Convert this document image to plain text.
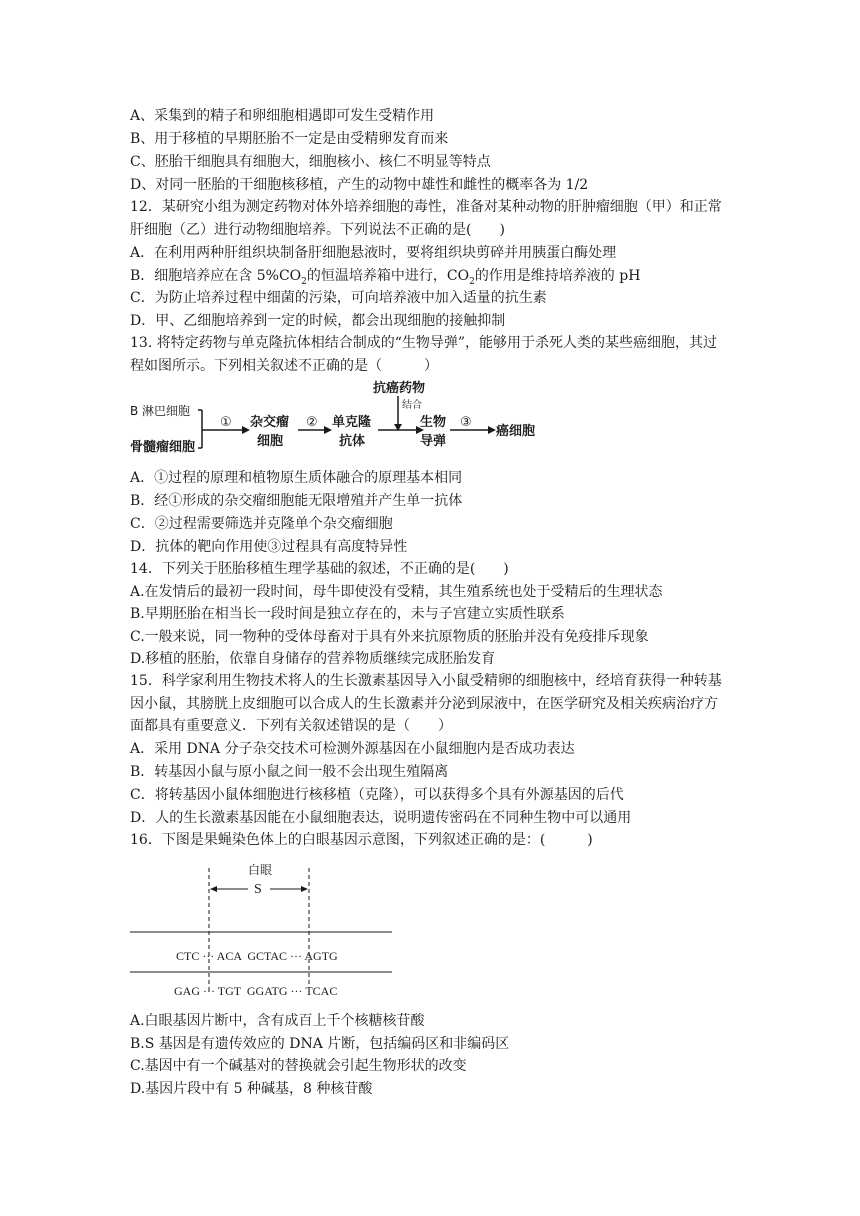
A、采集到的精子和卵细胞相遇即可发生受精作用
B、用于移植的早期胚胎不一定是由受精卵发育而来
C、胚胎干细胞具有细胞大，细胞核小、核仁不明显等特点
D、对同一胚胎的干细胞核移植，产生的动物中雄性和雌性的概率各为 1/2
12．某研究小组为测定药物对体外培养细胞的毒性，准备对某种动物的肝肿瘤细胞（甲）和正常肝细胞（乙）进行动物细胞培养。下列说法不正确的是(　　)
A．在利用两种肝组织块制备肝细胞悬液时，要将组织块剪碎并用胰蛋白酶处理
B．细胞培养应在含 $5\%CO_2$的恒温培养箱中进行，$CO_2$的作用是维持培养液的 pH
C．为防止培养过程中细菌的污染，可向培养液中加入适量的抗生素
D．甲、乙细胞培养到一定的时候，都会出现细胞的接触抑制
13. 将特定药物与单克隆抗体相结合制成的“生物导弹”，能够用于杀死人类的某些癌细胞，其过程如图所示。下列相关叙述不正确的是（　　　）
B 淋巴细胞
骨髓瘤细胞
① 杂交瘤
细胞
② 单克隆
抗体
抗癌药物
结合
生物
导弹
③
癌细胞
A．①过程的原理和植物原生质体融合的原理基本相同
B．经①形成的杂交瘤细胞能无限增殖并产生单一抗体
C．②过程需要筛选并克隆单个杂交瘤细胞
D．抗体的靶向作用使③过程具有高度特异性
14．下列关于胚胎移植生理学基础的叙述，不正确的是(　　)
A.在发情后的最初一段时间，母牛即使没有受精，其生殖系统也处于受精后的生理状态
B.早期胚胎在相当长一段时间是独立存在的，未与子宫建立实质性联系
C.一般来说，同一物种的受体母畜对于具有外来抗原物质的胚胎并没有免疫排斥现象
D.移植的胚胎，依靠自身储存的营养物质继续完成胚胎发育
15．科学家利用生物技术将人的生长激素基因导入小鼠受精卵的细胞核中，经培育获得一种转基因小鼠，其膀胱上皮细胞可以合成人的生长激素并分泌到尿液中，在医学研究及相关疾病治疗方面都具有重要意义．下列有关叙述错误的是（　　）
A．采用 DNA 分子杂交技术可检测外源基因在小鼠细胞内是否成功表达
B．转基因小鼠与原小鼠之间一般不会出现生殖隔离
C．将转基因小鼠体细胞进行核移植（克隆），可以获得多个具有外源基因的后代
D．人的生长激素基因能在小鼠细胞表达，说明遗传密码在不同种生物中可以通用
16．下图是果蝇染色体上的白眼基因示意图，下列叙述正确的是：(　　　)
白眼
S
CTC ··· ACA  GCTAC ··· AGTG
GAG ··· TGT  GGATG ··· TCAC
A.白眼基因片断中，含有成百上千个核糖核苷酸
B.S 基因是有遗传效应的 DNA 片断，包括编码区和非编码区
C.基因中有一个碱基对的替换就会引起生物形状的改变
D.基因片段中有 5 种碱基，8 种核苷酸
